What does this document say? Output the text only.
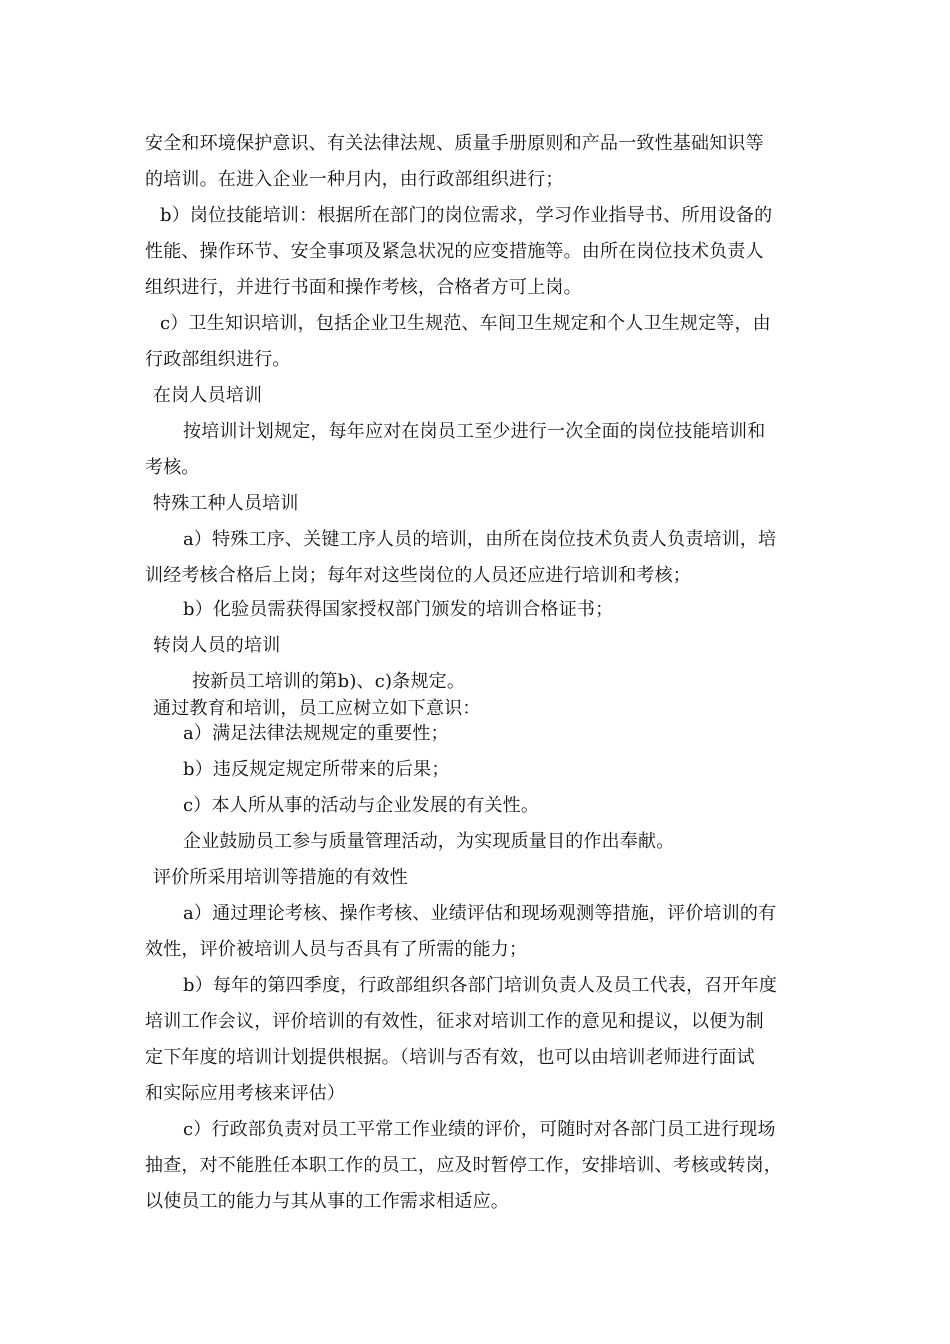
安全和环境保护意识、有关法律法规、质量手册原则和产品一致性基础知识等
的培训。在进入企业一种月内，由行政部组织进行；
b）岗位技能培训：根据所在部门的岗位需求，学习作业指导书、所用设备的
性能、操作环节、安全事项及紧急状况的应变措施等。由所在岗位技术负责人
组织进行，并进行书面和操作考核，合格者方可上岗。
c）卫生知识培训，包括企业卫生规范、车间卫生规定和个人卫生规定等，由
行政部组织进行。
在岗人员培训
按培训计划规定，每年应对在岗员工至少进行一次全面的岗位技能培训和
考核。
特殊工种人员培训
a）特殊工序、关键工序人员的培训，由所在岗位技术负责人负责培训，培
训经考核合格后上岗；每年对这些岗位的人员还应进行培训和考核；
b）化验员需获得国家授权部门颁发的培训合格证书；
转岗人员的培训
按新员工培训的第b)、c)条规定。
通过教育和培训，员工应树立如下意识：
a）满足法律法规规定的重要性；
b）违反规定规定所带来的后果；
c）本人所从事的活动与企业发展的有关性。
企业鼓励员工参与质量管理活动，为实现质量目的作出奉献。
评价所采用培训等措施的有效性
a）通过理论考核、操作考核、业绩评估和现场观测等措施，评价培训的有
效性，评价被培训人员与否具有了所需的能力；
b）每年的第四季度，行政部组织各部门培训负责人及员工代表，召开年度
培训工作会议，评价培训的有效性，征求对培训工作的意见和提议，以便为制
定下年度的培训计划提供根据。（培训与否有效，也可以由培训老师进行面试
和实际应用考核来评估）
c）行政部负责对员工平常工作业绩的评价，可随时对各部门员工进行现场
抽查，对不能胜任本职工作的员工，应及时暂停工作，安排培训、考核或转岗，
以使员工的能力与其从事的工作需求相适应。
